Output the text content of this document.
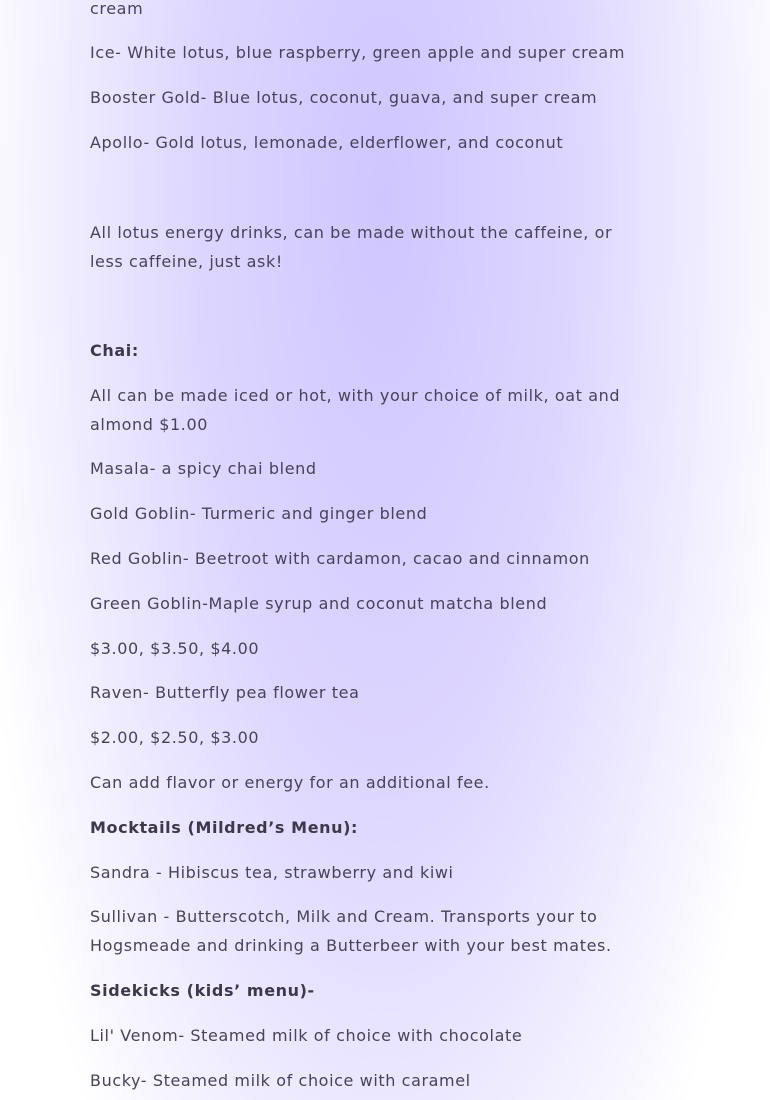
cream
Ice- White lotus, blue raspberry, green apple and super cream
Booster Gold- Blue lotus, coconut, guava, and super cream
Apollo- Gold lotus, lemonade, elderflower, and coconut
All lotus energy drinks, can be made without the caffeine, or less caffeine, just ask!
Chai:
All can be made iced or hot, with your choice of milk, oat and almond $1.00
Masala- a spicy chai blend
Gold Goblin- Turmeric and ginger blend
Red Goblin- Beetroot with cardamon, cacao and cinnamon
Green Goblin-Maple syrup and coconut matcha blend
$3.00, $3.50, $4.00
Raven- Butterfly pea flower tea
$2.00, $2.50, $3.00
Can add flavor or energy for an additional fee.
Mocktails (Mildred’s Menu):
Sandra - Hibiscus tea, strawberry and kiwi
Sullivan - Butterscotch, Milk and Cream. Transports your to Hogsmeade and drinking a Butterbeer with your best mates.
Sidekicks (kids’ menu)-
Lil' Venom- Steamed milk of choice with chocolate
Bucky- Steamed milk of choice with caramel
